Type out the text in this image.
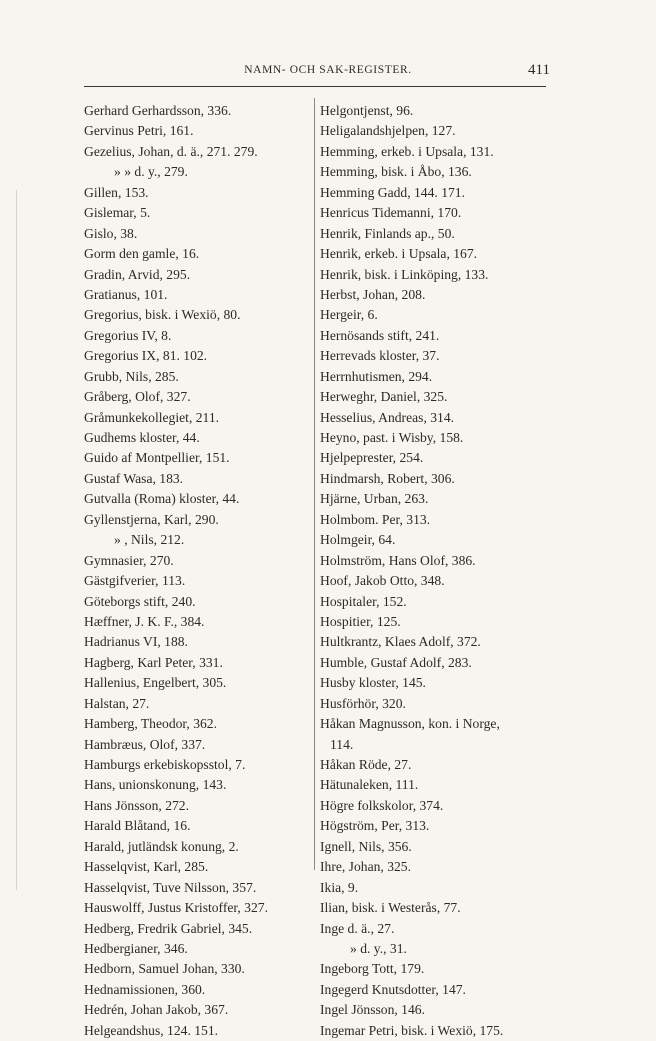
NAMN- OCH SAK-REGISTER.	411
Gerhard Gerhardsson, 336.
Gervinus Petri, 161.
Gezelius, Johan, d. ä., 271. 279.
» » d. y., 279.
Gillen, 153.
Gislemar, 5.
Gislo, 38.
Gorm den gamle, 16.
Gradin, Arvid, 295.
Gratianus, 101.
Gregorius, bisk. i Wexiö, 80.
Gregorius IV, 8.
Gregorius IX, 81. 102.
Grubb, Nils, 285.
Gråberg, Olof, 327.
Gråmunkekollegiet, 211.
Gudhems kloster, 44.
Guido af Montpellier, 151.
Gustaf Wasa, 183.
Gutvalla (Roma) kloster, 44.
Gyllenstjerna, Karl, 290.
» , Nils, 212.
Gymnasier, 270.
Gästgifverier, 113.
Göteborgs stift, 240.
Hæffner, J. K. F., 384.
Hadrianus VI, 188.
Hagberg, Karl Peter, 331.
Hallenius, Engelbert, 305.
Halstan, 27.
Hamberg, Theodor, 362.
Hambræus, Olof, 337.
Hamburgs erkebiskopsstol, 7.
Hans, unionskonung, 143.
Hans Jönsson, 272.
Harald Blåtand, 16.
Harald, jutländsk konung, 2.
Hasselqvist, Karl, 285.
Hasselqvist, Tuve Nilsson, 357.
Hauswolff, Justus Kristoffer, 327.
Hedberg, Fredrik Gabriel, 345.
Hedbergianer, 346.
Hedborn, Samuel Johan, 330.
Hednamissionen, 360.
Hedrén, Johan Jakob, 367.
Helgeandshus, 124. 151.
Helgontjenst, 96.
Heligalandshjelpen, 127.
Hemming, erkeb. i Upsala, 131.
Hemming, bisk. i Åbo, 136.
Hemming Gadd, 144. 171.
Henricus Tidemanni, 170.
Henrik, Finlands ap., 50.
Henrik, erkeb. i Upsala, 167.
Henrik, bisk. i Linköping, 133.
Herbst, Johan, 208.
Hergeir, 6.
Hernösands stift, 241.
Herrevads kloster, 37.
Herrnhutismen, 294.
Herweghr, Daniel, 325.
Hesselius, Andreas, 314.
Heyno, past. i Wisby, 158.
Hjelpeprester, 254.
Hindmarsh, Robert, 306.
Hjärne, Urban, 263.
Holmbom. Per, 313.
Holmgeir, 64.
Holmström, Hans Olof, 386.
Hoof, Jakob Otto, 348.
Hospitaler, 152.
Hospitier, 125.
Hultkrantz, Klaes Adolf, 372.
Humble, Gustaf Adolf, 283.
Husby kloster, 145.
Husförhör, 320.
Håkan Magnusson, kon. i Norge,
114.
Håkan Röde, 27.
Hätunaleken, 111.
Högre folkskolor, 374.
Högström, Per, 313.
Ignell, Nils, 356.
Ihre, Johan, 325.
Ikia, 9.
Ilian, bisk. i Westerås, 77.
Inge d. ä., 27.
» d. y., 31.
Ingeborg Tott, 179.
Ingegerd Knutsdotter, 147.
Ingel Jönsson, 146.
Ingemar Petri, bisk. i Wexiö, 175.
